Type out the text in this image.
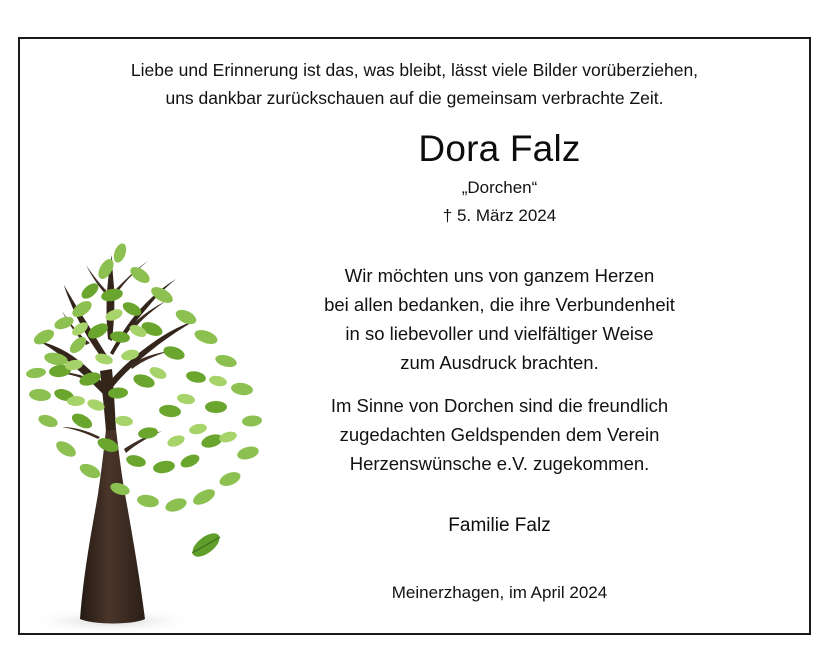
Liebe und Erinnerung ist das, was bleibt, lässt viele Bilder vorüberziehen,
uns dankbar zurückschauen auf die gemeinsam verbrachte Zeit.
Dora Falz
„Dorchen“
† 5. März 2024
Wir möchten uns von ganzem Herzen
bei allen bedanken, die ihre Verbundenheit
in so liebevoller und vielfältiger Weise
zum Ausdruck brachten.
Im Sinne von Dorchen sind die freundlich
zugedachten Geldspenden dem Verein
Herzenswünsche e.V. zugekommen.
Familie Falz
Meinerzhagen, im April 2024
